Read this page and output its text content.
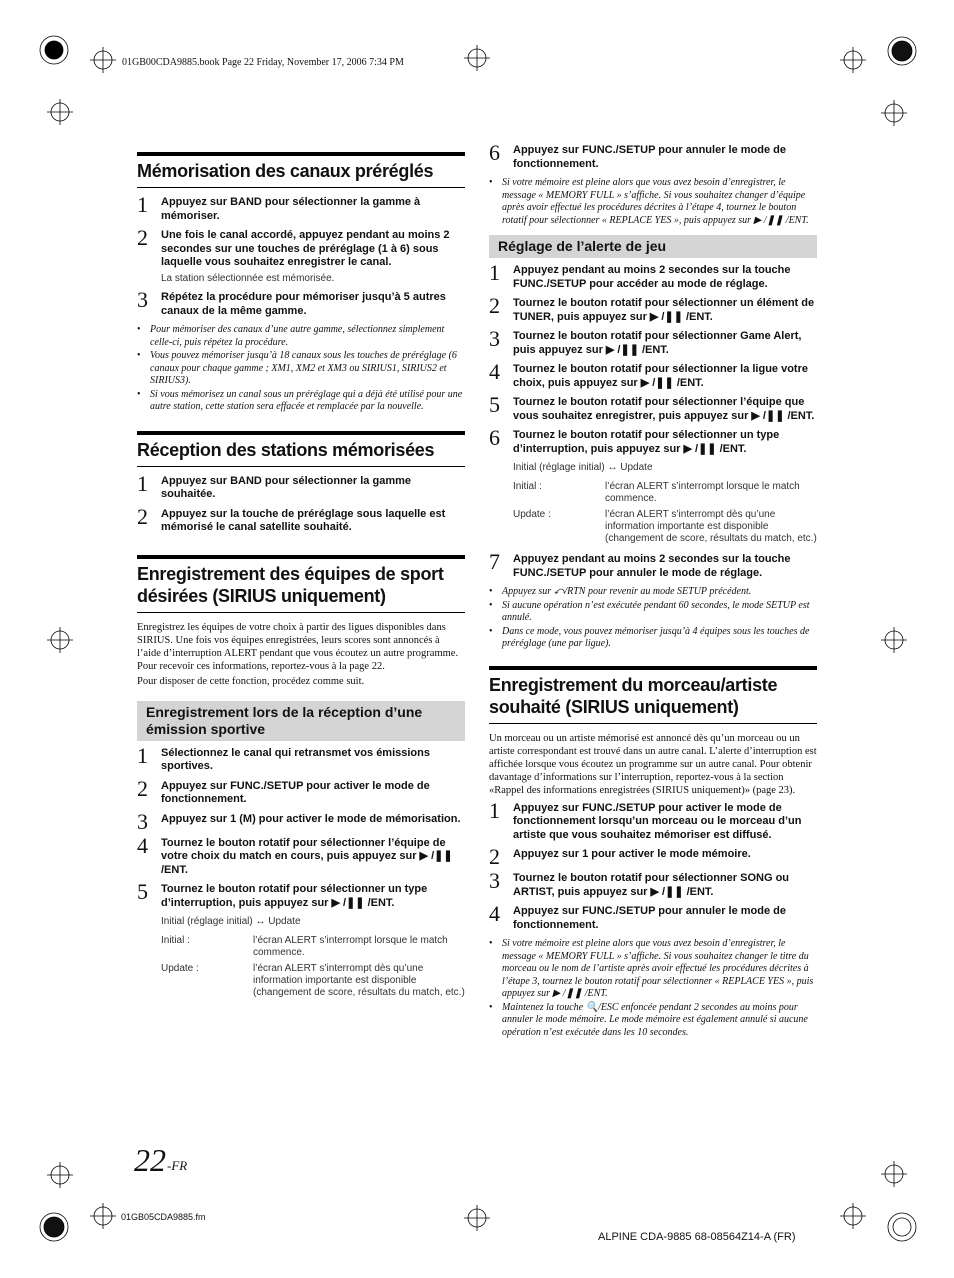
01GB00CDA9885.book Page 22 Friday, November 17, 2006 7:34 PM
Mémorisation des canaux préréglés
1	Appuyez sur BAND pour sélectionner la gamme à mémoriser.
2	Une fois le canal accordé, appuyez pendant au moins 2 secondes sur une touches de préréglage (1 à 6) sous laquelle vous souhaitez enregistrer le canal.
La station sélectionnée est mémorisée.
3	Répétez la procédure pour mémoriser jusqu’à 5 autres canaux de la même gamme.
• Pour mémoriser des canaux d’une autre gamme, sélectionnez simplement celle-ci, puis répétez la procédure.
• Vous pouvez mémoriser jusqu’à 18 canaux sous les touches de préréglage (6 canaux pour chaque gamme ; XM1, XM2 et XM3 ou SIRIUS1, SIRIUS2 et SIRIUS3).
• Si vous mémorisez un canal sous un préréglage qui a déjà été utilisé pour une autre station, cette station sera effacée et remplacée par la nouvelle.
Réception des stations mémorisées
1	Appuyez sur BAND pour sélectionner la gamme souhaitée.
2	Appuyez sur la touche de préréglage sous laquelle est mémorisé le canal satellite souhaité.
Enregistrement des équipes de sport désirées (SIRIUS uniquement)
Enregistrez les équipes de votre choix à partir des ligues disponibles dans SIRIUS. Une fois vos équipes enregistrées, leurs scores sont annoncés à l’aide d’interruption ALERT pendant que vous écoutez un autre programme. Pour recevoir ces informations, reportez-vous à la page 22.
Pour disposer de cette fonction, procédez comme suit.
Enregistrement lors de la réception d’une émission sportive
1	Sélectionnez le canal qui retransmet vos émissions sportives.
2	Appuyez sur FUNC./SETUP pour activer le mode de fonctionnement.
3	Appuyez sur 1 (M) pour activer le mode de mémorisation.
4	Tournez le bouton rotatif pour sélectionner l’équipe de votre choix du match en cours, puis appuyez sur ▶ /❚❚ /ENT.
5	Tournez le bouton rotatif pour sélectionner un type d’interruption, puis appuyez sur ▶ /❚❚ /ENT.
Initial (réglage initial) ↔ Update
Initial :	l’écran ALERT s’interrompt lorsque le match commence.
Update :	l’écran ALERT s’interrompt dès qu’une information importante est disponible (changement de score, résultats du match, etc.)
6	Appuyez sur FUNC./SETUP pour annuler le mode de fonctionnement.
• Si votre mémoire est pleine alors que vous avez besoin d’enregistrer, le message « MEMORY FULL » s’affiche. Si vous souhaitez changer d’équipe après avoir effectué les procédures décrites à l’étape 4, tournez le bouton rotatif pour sélectionner « REPLACE YES », puis appuyez sur ▶ /❚❚ /ENT.
Réglage de l’alerte de jeu
1	Appuyez pendant au moins 2 secondes sur la touche FUNC./SETUP pour accéder au mode de réglage.
2	Tournez le bouton rotatif pour sélectionner un élément de TUNER, puis appuyez sur ▶ /❚❚ /ENT.
3	Tournez le bouton rotatif pour sélectionner Game Alert, puis appuyez sur ▶ /❚❚ /ENT.
4	Tournez le bouton rotatif pour sélectionner la ligue votre choix, puis appuyez sur ▶ /❚❚ /ENT.
5	Tournez le bouton rotatif pour sélectionner l’équipe que vous souhaitez enregistrer, puis appuyez sur ▶ /❚❚ /ENT.
6	Tournez le bouton rotatif pour sélectionner un type d’interruption, puis appuyez sur ▶ /❚❚ /ENT.
Initial (réglage initial) ↔ Update
Initial :	l’écran ALERT s’interrompt lorsque le match commence.
Update :	l’écran ALERT s’interrompt dès qu’une information importante est disponible (changement de score, résultats du match, etc.)
7	Appuyez pendant au moins 2 secondes sur la touche FUNC./SETUP pour annuler le mode de réglage.
• Appuyez sur ⤺/RTN pour revenir au mode SETUP précédent.
• Si aucune opération n’est exécutée pendant 60 secondes, le mode SETUP est annulé.
• Dans ce mode, vous pouvez mémoriser jusqu’à 4 équipes sous les touches de préréglage (une par ligue).
Enregistrement du morceau/artiste souhaité (SIRIUS uniquement)
Un morceau ou un artiste mémorisé est annoncé dès qu’un morceau ou un artiste correspondant est trouvé dans un autre canal. L’alerte d’interruption est affichée lorsque vous écoutez un programme sur un autre canal. Pour obtenir davantage d’informations sur l’interruption, reportez-vous à la section «Rappel des informations enregistrées (SIRIUS uniquement)» (page 23).
1	Appuyez sur FUNC./SETUP pour activer le mode de fonctionnement lorsqu’un morceau ou le morceau d’un artiste que vous souhaitez mémoriser est diffusé.
2	Appuyez sur 1 pour activer le mode mémoire.
3	Tournez le bouton rotatif pour sélectionner SONG ou ARTIST, puis appuyez sur ▶ /❚❚ /ENT.
4	Appuyez sur FUNC./SETUP pour annuler le mode de fonctionnement.
• Si votre mémoire est pleine alors que vous avez besoin d’enregistrer, le message « MEMORY FULL » s’affiche. Si vous souhaitez changer le titre du morceau ou le nom de l’artiste après avoir effectué les procédures décrites à l’étape 3, tournez le bouton rotatif pour sélectionner « REPLACE YES », puis appuyez sur ▶ /❚❚ /ENT.
• Maintenez la touche 🔍/ESC enfoncée pendant 2 secondes au moins pour annuler le mode mémoire. Le mode mémoire est également annulé si aucune opération n’est exécutée dans les 10 secondes.
22 -FR
01GB05CDA9885.fm
ALPINE CDA-9885 68-08564Z14-A (FR)
